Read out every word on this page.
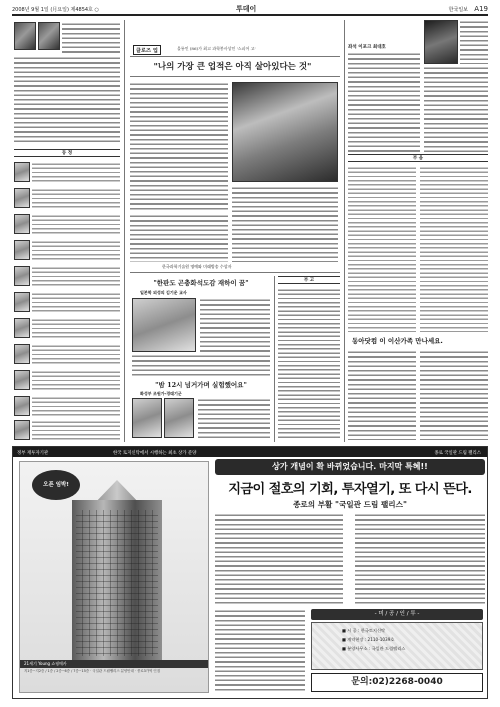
2008년 9월 1일 (月요일) 제4854호 ○	투데이	한국일보 A19
동 정
클로즈 업	울릉인 (86)가 최고 과학봉사상인 '스피어 고'
"나의 가장 큰 업적은 아직 살아있다는 것"
한국과학기술원 명예와 미래방송 수상자
"한판도 곤충화석도감 재하이 꿈"
일본학 외성의 김기운 교사
"밤 12시 넘거가며 실험했어요"
화성부 조원가-경태기군
부 고
좌석 이포크 최대호
부 음
동아닷컴 이 이산가족 만나세요.
정부 재투자기관	한국 토지신탁에서 시행하는 최초 상가 분양	종로 국일관 드림 팰리스
오픈 임박!
21세기 Young 쇼핑메카
지1층~지2층 / 1층 / 2층~6층 / 7층~15층 · 국일관 드림팰리스 분양안내 · 종로3가역 인접
상가 개념이 확 바뀌었습니다. 마지막 특혜!!
지금이 절호의 기회, 투자열기, 또 다시 뜬다.
종로의 부활 "국일관 드림 팰리스"
- 미 / 공 / 인 / 투 -
■ 시 공 : 한국토지신탁
■ 계약현장 : 2110-1039호
■ 분양사무소 : 국일관 드림팰리스
문의:02)2268-0040
